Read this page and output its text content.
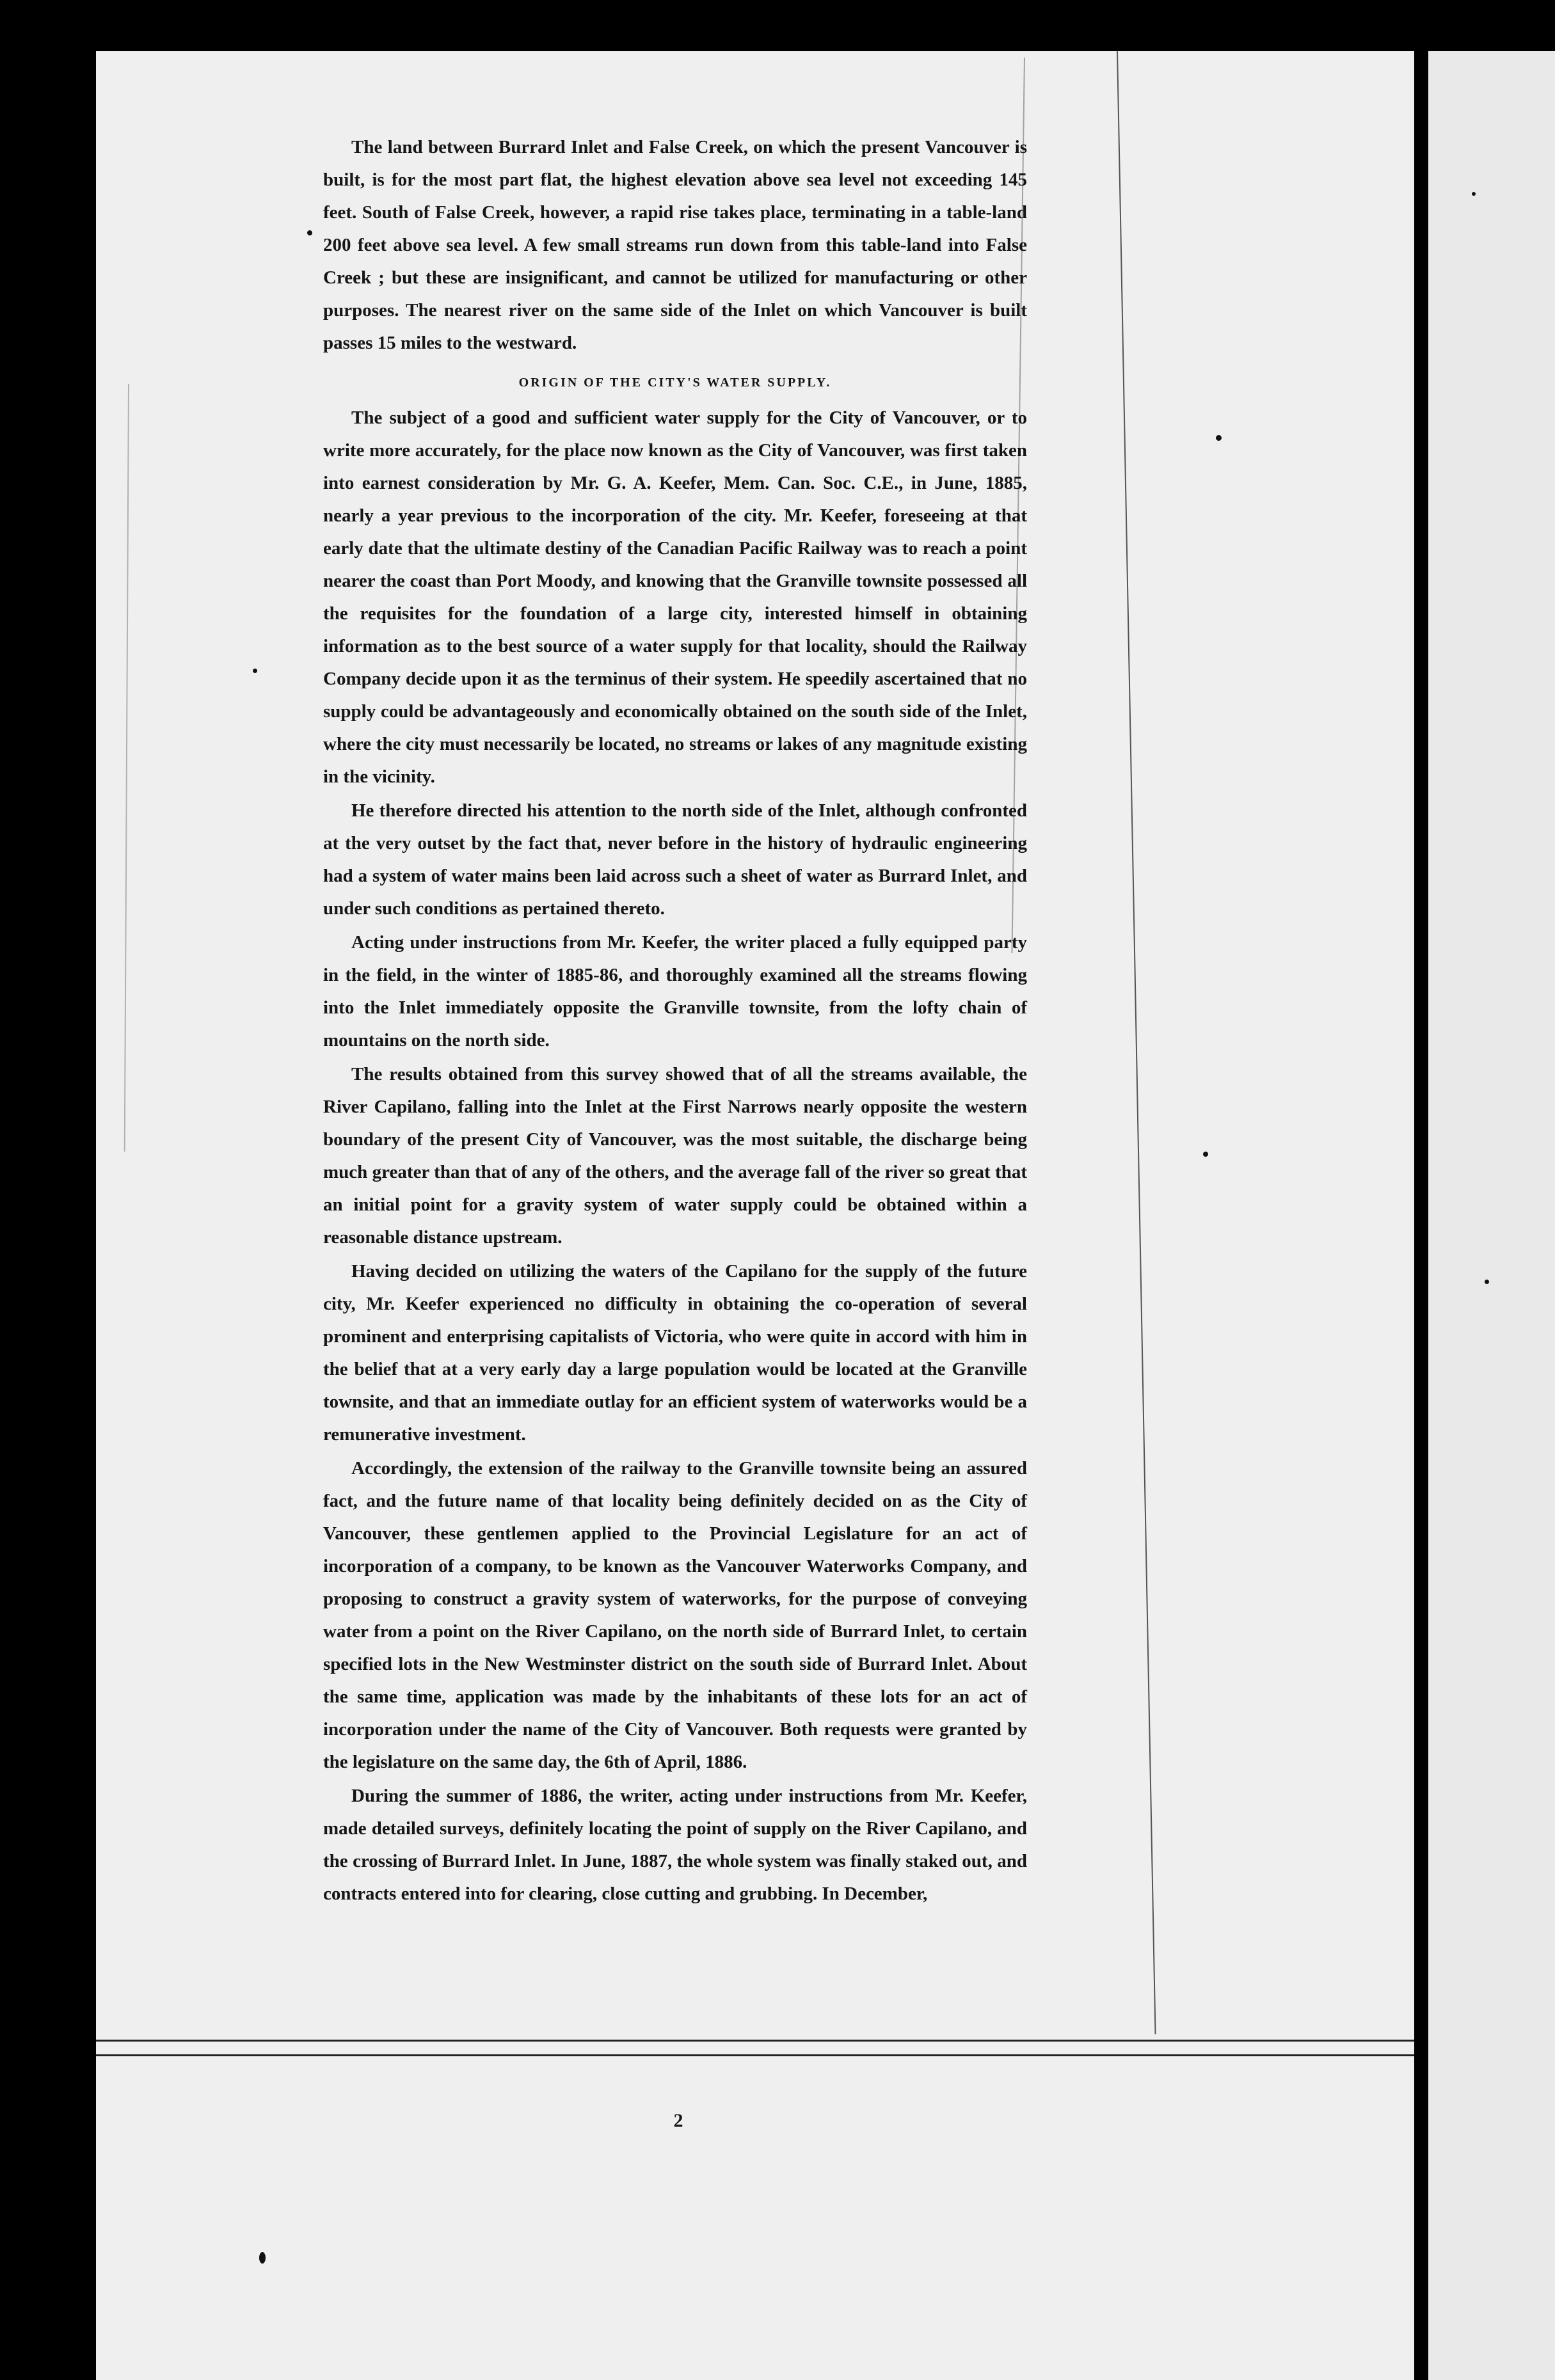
The land between Burrard Inlet and False Creek, on which the present Vancouver is built, is for the most part flat, the highest elevation above sea level not exceeding 145 feet. South of False Creek, however, a rapid rise takes place, terminating in a table-land 200 feet above sea level. A few small streams run down from this table-land into False Creek ; but these are insignificant, and cannot be utilized for manufacturing or other purposes. The nearest river on the same side of the Inlet on which Vancouver is built passes 15 miles to the westward.

ORIGIN OF THE CITY'S WATER SUPPLY.

The subject of a good and sufficient water supply for the City of Vancouver, or to write more accurately, for the place now known as the City of Vancouver, was first taken into earnest consideration by Mr. G. A. Keefer, Mem. Can. Soc. C.E., in June, 1885, nearly a year previous to the incorporation of the city. Mr. Keefer, foreseeing at that early date that the ultimate destiny of the Canadian Pacific Railway was to reach a point nearer the coast than Port Moody, and knowing that the Granville townsite possessed all the requisites for the foundation of a large city, interested himself in obtaining information as to the best source of a water supply for that locality, should the Railway Company decide upon it as the terminus of their system. He speedily ascertained that no supply could be advantageously and economically obtained on the south side of the Inlet, where the city must necessarily be located, no streams or lakes of any magnitude existing in the vicinity.

He therefore directed his attention to the north side of the Inlet, although confronted at the very outset by the fact that, never before in the history of hydraulic engineering had a system of water mains been laid across such a sheet of water as Burrard Inlet, and under such conditions as pertained thereto.

Acting under instructions from Mr. Keefer, the writer placed a fully equipped party in the field, in the winter of 1885-86, and thoroughly examined all the streams flowing into the Inlet immediately opposite the Granville townsite, from the lofty chain of mountains on the north side.

The results obtained from this survey showed that of all the streams available, the River Capilano, falling into the Inlet at the First Narrows nearly opposite the western boundary of the present City of Vancouver, was the most suitable, the discharge being much greater than that of any of the others, and the average fall of the river so great that an initial point for a gravity system of water supply could be obtained within a reasonable distance upstream.

Having decided on utilizing the waters of the Capilano for the supply of the future city, Mr. Keefer experienced no difficulty in obtaining the co-operation of several prominent and enterprising capitalists of Victoria, who were quite in accord with him in the belief that at a very early day a large population would be located at the Granville townsite, and that an immediate outlay for an efficient system of waterworks would be a remunerative investment.

Accordingly, the extension of the railway to the Granville townsite being an assured fact, and the future name of that locality being definitely decided on as the City of Vancouver, these gentlemen applied to the Provincial Legislature for an act of incorporation of a company, to be known as the Vancouver Waterworks Company, and proposing to construct a gravity system of waterworks, for the purpose of conveying water from a point on the River Capilano, on the north side of Burrard Inlet, to certain specified lots in the New Westminster district on the south side of Burrard Inlet. About the same time, application was made by the inhabitants of these lots for an act of incorporation under the name of the City of Vancouver. Both requests were granted by the legislature on the same day, the 6th of April, 1886.

During the summer of 1886, the writer, acting under instructions from Mr. Keefer, made detailed surveys, definitely locating the point of supply on the River Capilano, and the crossing of Burrard Inlet. In June, 1887, the whole system was finally staked out, and contracts entered into for clearing, close cutting and grubbing. In December,

2
